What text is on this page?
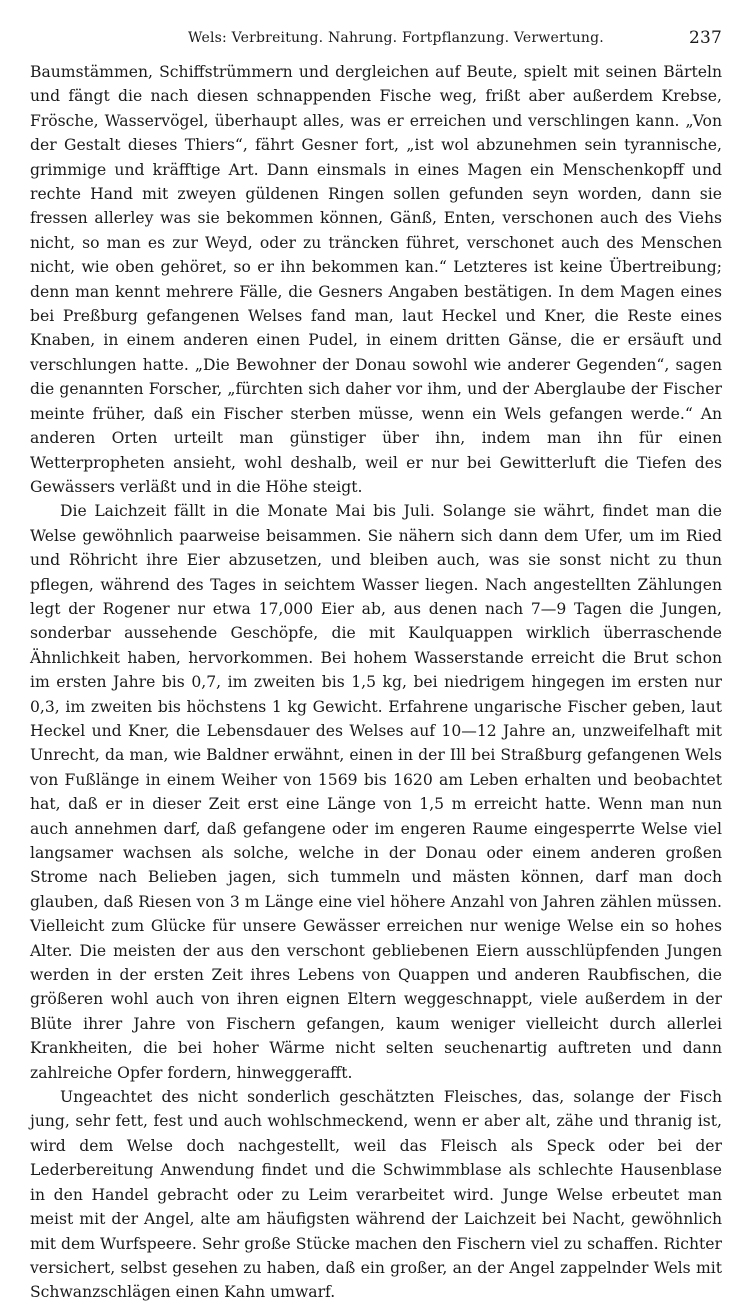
Wels: Verbreitung. Nahrung. Fortpflanzung. Verwertung.	237

Baumstämmen, Schiffstrümmern und dergleichen auf Beute, spielt mit seinen Bärteln und fängt die nach diesen schnappenden Fische weg, frißt aber außerdem Krebse, Frösche, Wasservögel, überhaupt alles, was er erreichen und verschlingen kann. „Von der Gestalt dieses Thiers“, fährt Gesner fort, „ist wol abzunehmen sein tyrannische, grimmige und kräfftige Art. Dann einsmals in eines Magen ein Menschenkopff und rechte Hand mit zweyen güldenen Ringen sollen gefunden seyn worden, dann sie fressen allerley was sie bekommen können, Gänß, Enten, verschonen auch des Viehs nicht, so man es zur Weyd, oder zu träncken führet, verschonet auch des Menschen nicht, wie oben gehöret, so er ihn bekommen kan.“ Letzteres ist keine Übertreibung; denn man kennt mehrere Fälle, die Gesners Angaben bestätigen. In dem Magen eines bei Preßburg gefangenen Welses fand man, laut Heckel und Kner, die Reste eines Knaben, in einem anderen einen Pudel, in einem dritten Gänse, die er ersäuft und verschlungen hatte. „Die Bewohner der Donau sowohl wie anderer Gegenden“, sagen die genannten Forscher, „fürchten sich daher vor ihm, und der Aberglaube der Fischer meinte früher, daß ein Fischer sterben müsse, wenn ein Wels gefangen werde.“ An anderen Orten urteilt man günstiger über ihn, indem man ihn für einen Wetterpropheten ansieht, wohl deshalb, weil er nur bei Gewitterluft die Tiefen des Gewässers verläßt und in die Höhe steigt.

Die Laichzeit fällt in die Monate Mai bis Juli. Solange sie währt, findet man die Welse gewöhnlich paarweise beisammen. Sie nähern sich dann dem Ufer, um im Ried und Röhricht ihre Eier abzusetzen, und bleiben auch, was sie sonst nicht zu thun pflegen, während des Tages in seichtem Wasser liegen. Nach angestellten Zählungen legt der Rogener nur etwa 17,000 Eier ab, aus denen nach 7—9 Tagen die Jungen, sonderbar aussehende Geschöpfe, die mit Kaulquappen wirklich überraschende Ähnlichkeit haben, hervorkommen. Bei hohem Wasserstande erreicht die Brut schon im ersten Jahre bis 0,7, im zweiten bis 1,5 kg, bei niedrigem hingegen im ersten nur 0,3, im zweiten bis höchstens 1 kg Gewicht. Erfahrene ungarische Fischer geben, laut Heckel und Kner, die Lebensdauer des Welses auf 10—12 Jahre an, unzweifelhaft mit Unrecht, da man, wie Baldner erwähnt, einen in der Ill bei Straßburg gefangenen Wels von Fußlänge in einem Weiher von 1569 bis 1620 am Leben erhalten und beobachtet hat, daß er in dieser Zeit erst eine Länge von 1,5 m erreicht hatte. Wenn man nun auch annehmen darf, daß gefangene oder im engeren Raume eingesperrte Welse viel langsamer wachsen als solche, welche in der Donau oder einem anderen großen Strome nach Belieben jagen, sich tummeln und mästen können, darf man doch glauben, daß Riesen von 3 m Länge eine viel höhere Anzahl von Jahren zählen müssen. Vielleicht zum Glücke für unsere Gewässer erreichen nur wenige Welse ein so hohes Alter. Die meisten der aus den verschont gebliebenen Eiern ausschlüpfenden Jungen werden in der ersten Zeit ihres Lebens von Quappen und anderen Raubfischen, die größeren wohl auch von ihren eignen Eltern weggeschnappt, viele außerdem in der Blüte ihrer Jahre von Fischern gefangen, kaum weniger vielleicht durch allerlei Krankheiten, die bei hoher Wärme nicht selten seuchenartig auftreten und dann zahlreiche Opfer fordern, hinweggerafft.

Ungeachtet des nicht sonderlich geschätzten Fleisches, das, solange der Fisch jung, sehr fett, fest und auch wohlschmeckend, wenn er aber alt, zähe und thranig ist, wird dem Welse doch nachgestellt, weil das Fleisch als Speck oder bei der Lederbereitung Anwendung findet und die Schwimmblase als schlechte Hausenblase in den Handel gebracht oder zu Leim verarbeitet wird. Junge Welse erbeutet man meist mit der Angel, alte am häufigsten während der Laichzeit bei Nacht, gewöhnlich mit dem Wurfspeere. Sehr große Stücke machen den Fischern viel zu schaffen. Richter versichert, selbst gesehen zu haben, daß ein großer, an der Angel zappelnder Wels mit Schwanzschlägen einen Kahn umwarf.
